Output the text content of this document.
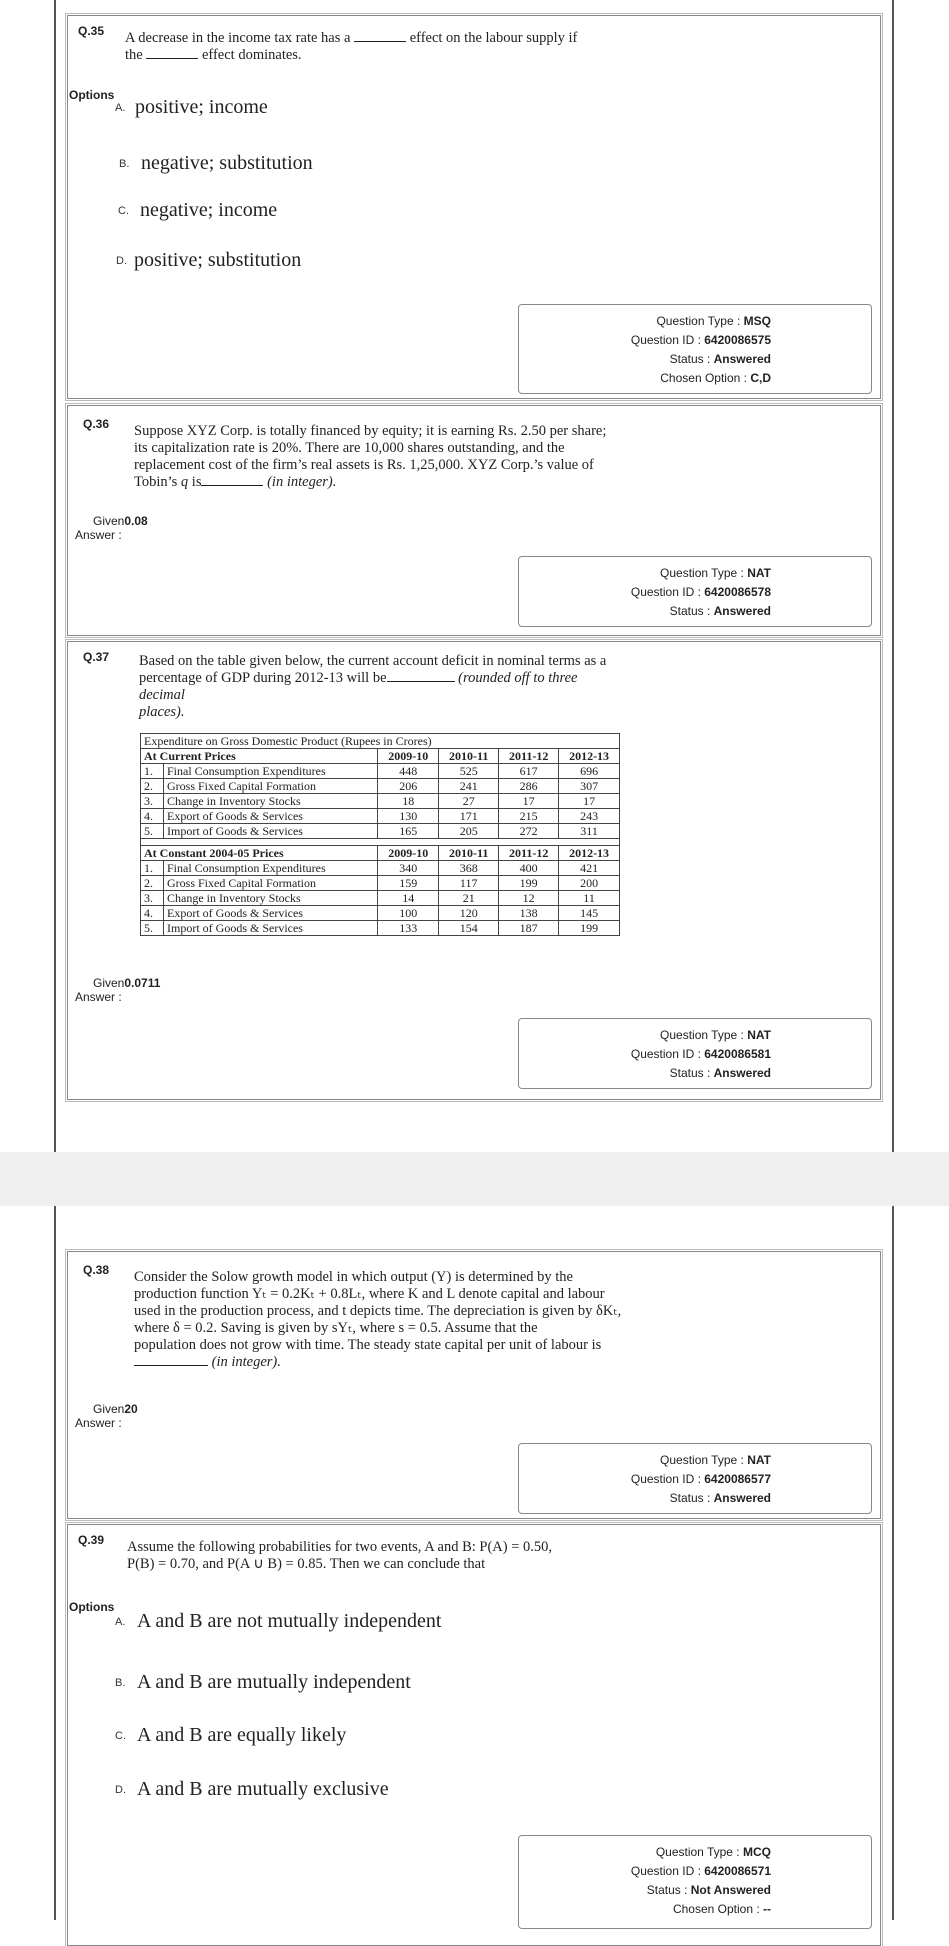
Q.35 A decrease in the income tax rate has a	effect on the labour supply if
the	effect dominates.
Options
A. positive; income
B. negative; substitution
C. negative; income
D. positive; substitution
Question Type : MSQ
Question ID : 6420086575
Status : Answered
Chosen Option : C,D
Q.36 Suppose XYZ Corp. is totally financed by equity; it is earning Rs. 2.50 per share;
its capitalization rate is 20%. There are 10,000 shares outstanding, and the
replacement cost of the firm’s real assets is Rs. 1,25,000. XYZ Corp.’s value of
Tobin’s q is	(in integer).
Given0.08
Answer :
Question Type : NAT
Question ID : 6420086578
Status : Answered
Q.37 Based on the table given below, the current account deficit in nominal terms as a
percentage of GDP during 2012-13 will be	(rounded off to three decimal
places).
Expenditure on Gross Domestic Product (Rupees in Crores)					
At Current Prices		2009-10	2010-11	2011-12	2012-13
1.	Final Consumption Expenditures	448	525	617	696
2.	Gross Fixed Capital Formation	206	241	286	307
3.	Change in Inventory Stocks	18	27	17	17
4.	Export of Goods & Services	130	171	215	243
5.	Import of Goods & Services	165	205	272	311

At Constant 2004-05 Prices		2009-10	2010-11	2011-12	2012-13
1.	Final Consumption Expenditures	340	368	400	421
2.	Gross Fixed Capital Formation	159	117	199	200
3.	Change in Inventory Stocks	14	21	12	11
4.	Export of Goods & Services	100	120	138	145
5.	Import of Goods & Services	133	154	187	199
Given0.0711
Answer :
Question Type : NAT
Question ID : 6420086581
Status : Answered
Q.38 Consider the Solow growth model in which output (Y) is determined by the
production function Yₜ = 0.2Kₜ + 0.8Lₜ, where K and L denote capital and labour
used in the production process, and t depicts time. The depreciation is given by δKₜ,
where δ = 0.2. Saving is given by sYₜ, where s = 0.5. Assume that the
population does not grow with time. The steady state capital per unit of labour is
(in integer).
Given20
Answer :
Question Type : NAT
Question ID : 6420086577
Status : Answered
Q.39 Assume the following probabilities for two events, A and B: P(A) = 0.50,
P(B) = 0.70, and P(A ∪ B) = 0.85. Then we can conclude that
Options
A. A and B are not mutually independent
B. A and B are mutually independent
C. A and B are equally likely
D. A and B are mutually exclusive
Question Type : MCQ
Question ID : 6420086571
Status : Not Answered
Chosen Option : --
